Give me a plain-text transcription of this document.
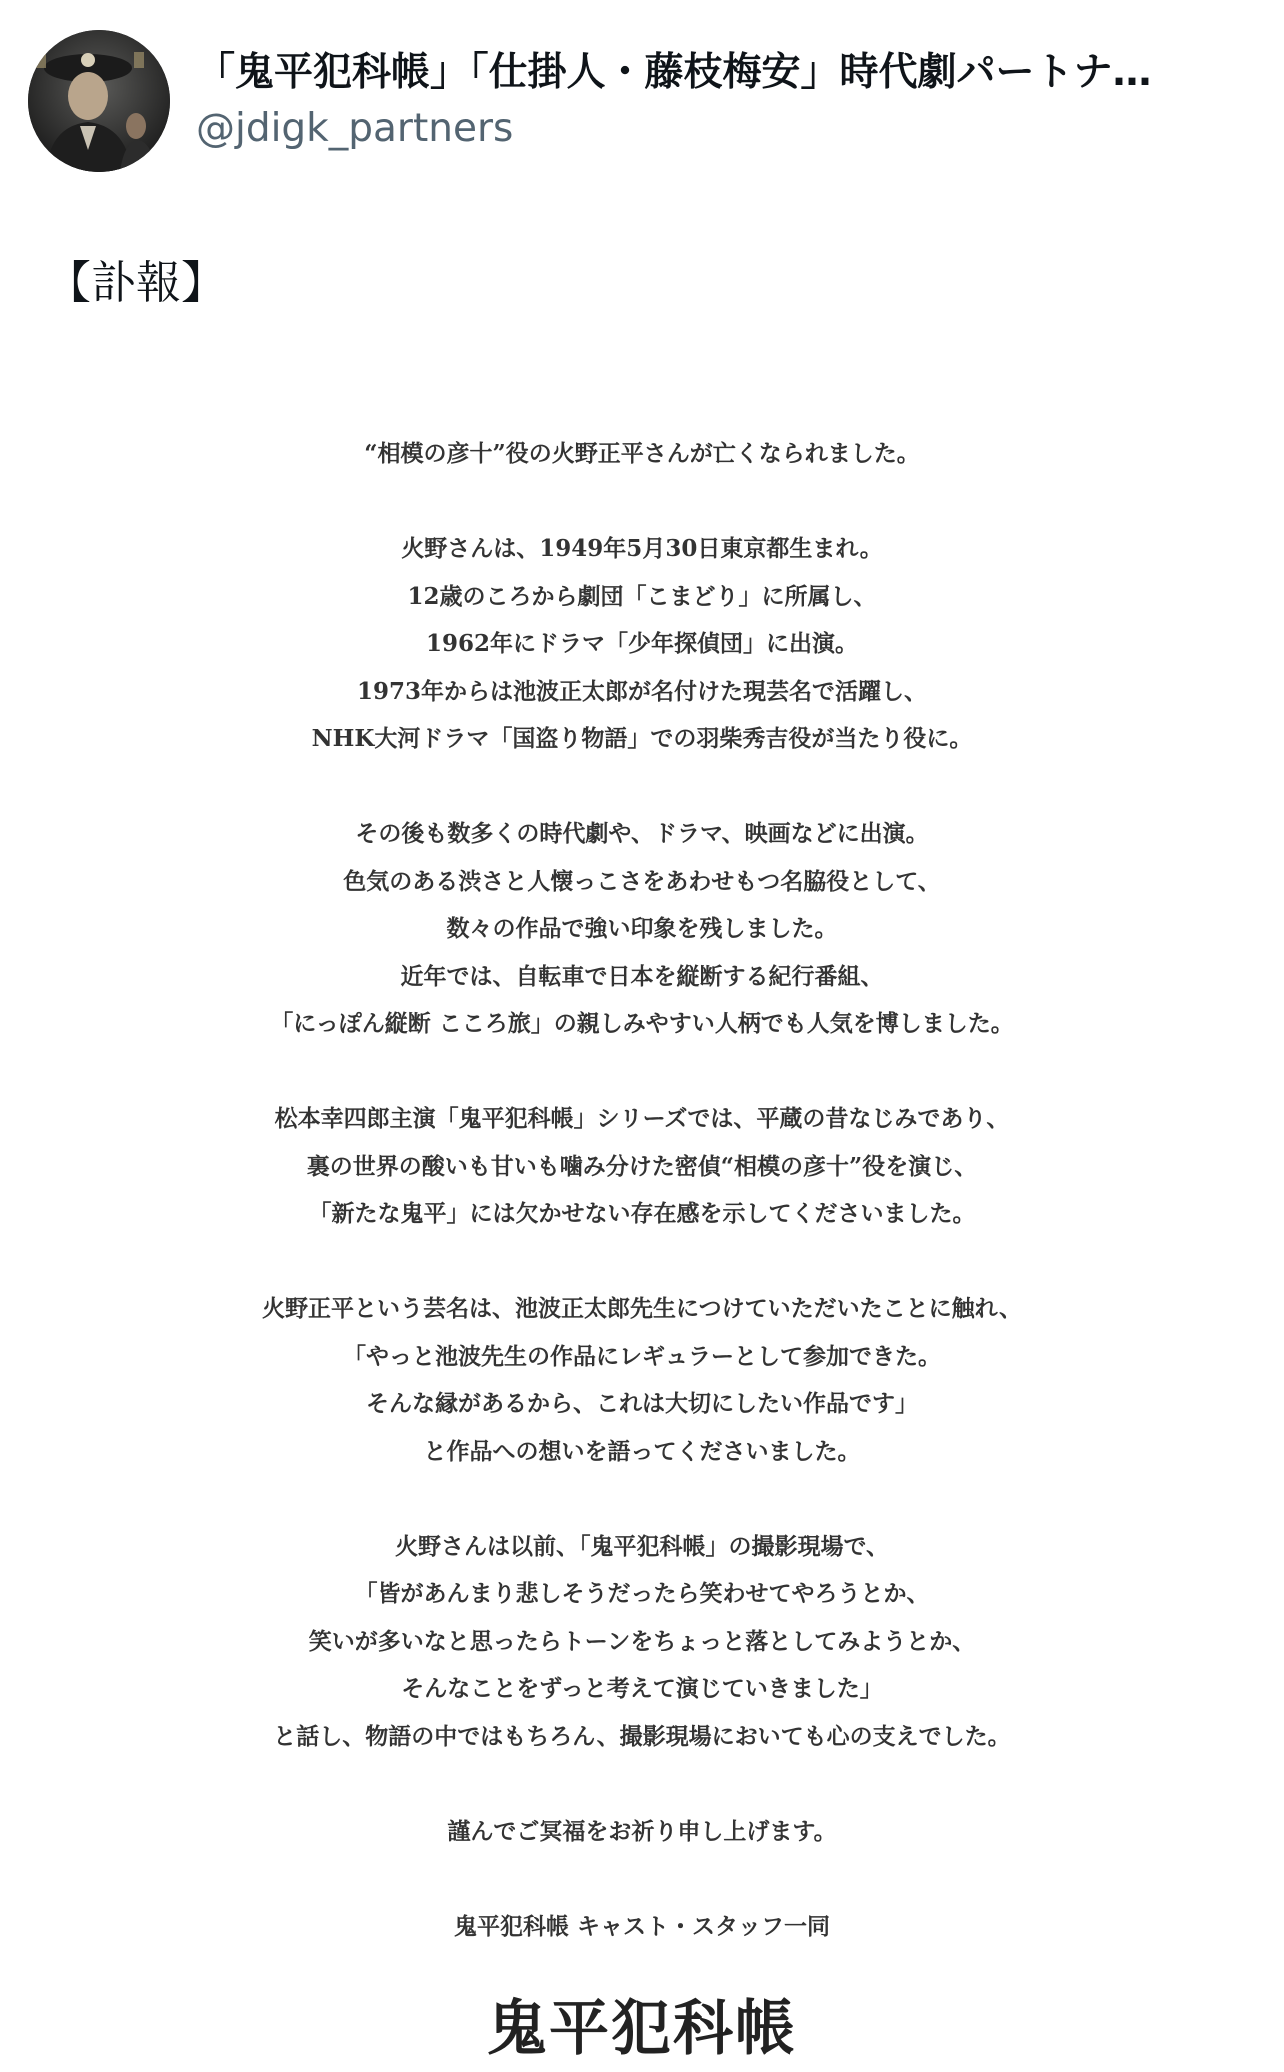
「鬼平犯科帳」「仕掛人・藤枝梅安」時代劇パートナ…
@jdigk_partners

【訃報】

“相模の彦十”役の火野正平さんが亡くなられました。
火野さんは、1949年5月30日東京都生まれ。
12歳のころから劇団「こまどり」に所属し、
1962年にドラマ「少年探偵団」に出演。
1973年からは池波正太郎が名付けた現芸名で活躍し、
NHK大河ドラマ「国盗り物語」での羽柴秀吉役が当たり役に。
その後も数多くの時代劇や、ドラマ、映画などに出演。
色気のある渋さと人懐っこさをあわせもつ名脇役として、
数々の作品で強い印象を残しました。
近年では、自転車で日本を縦断する紀行番組、
「にっぽん縦断 こころ旅」の親しみやすい人柄でも人気を博しました。
松本幸四郎主演「鬼平犯科帳」シリーズでは、平蔵の昔なじみであり、
裏の世界の酸いも甘いも噛み分けた密偵“相模の彦十”役を演じ、
「新たな鬼平」には欠かせない存在感を示してくださいました。
火野正平という芸名は、池波正太郎先生につけていただいたことに触れ、
「やっと池波先生の作品にレギュラーとして参加できた。
そんな縁があるから、これは大切にしたい作品です」
と作品への想いを語ってくださいました。
火野さんは以前、「鬼平犯科帳」の撮影現場で、
「皆があんまり悲しそうだったら笑わせてやろうとか、
笑いが多いなと思ったらトーンをちょっと落としてみようとか、
そんなことをずっと考えて演じていきました」
と話し、物語の中ではもちろん、撮影現場においても心の支えでした。
謹んでご冥福をお祈り申し上げます。
鬼平犯科帳 キャスト・スタッフ一同
鬼平犯科帳
